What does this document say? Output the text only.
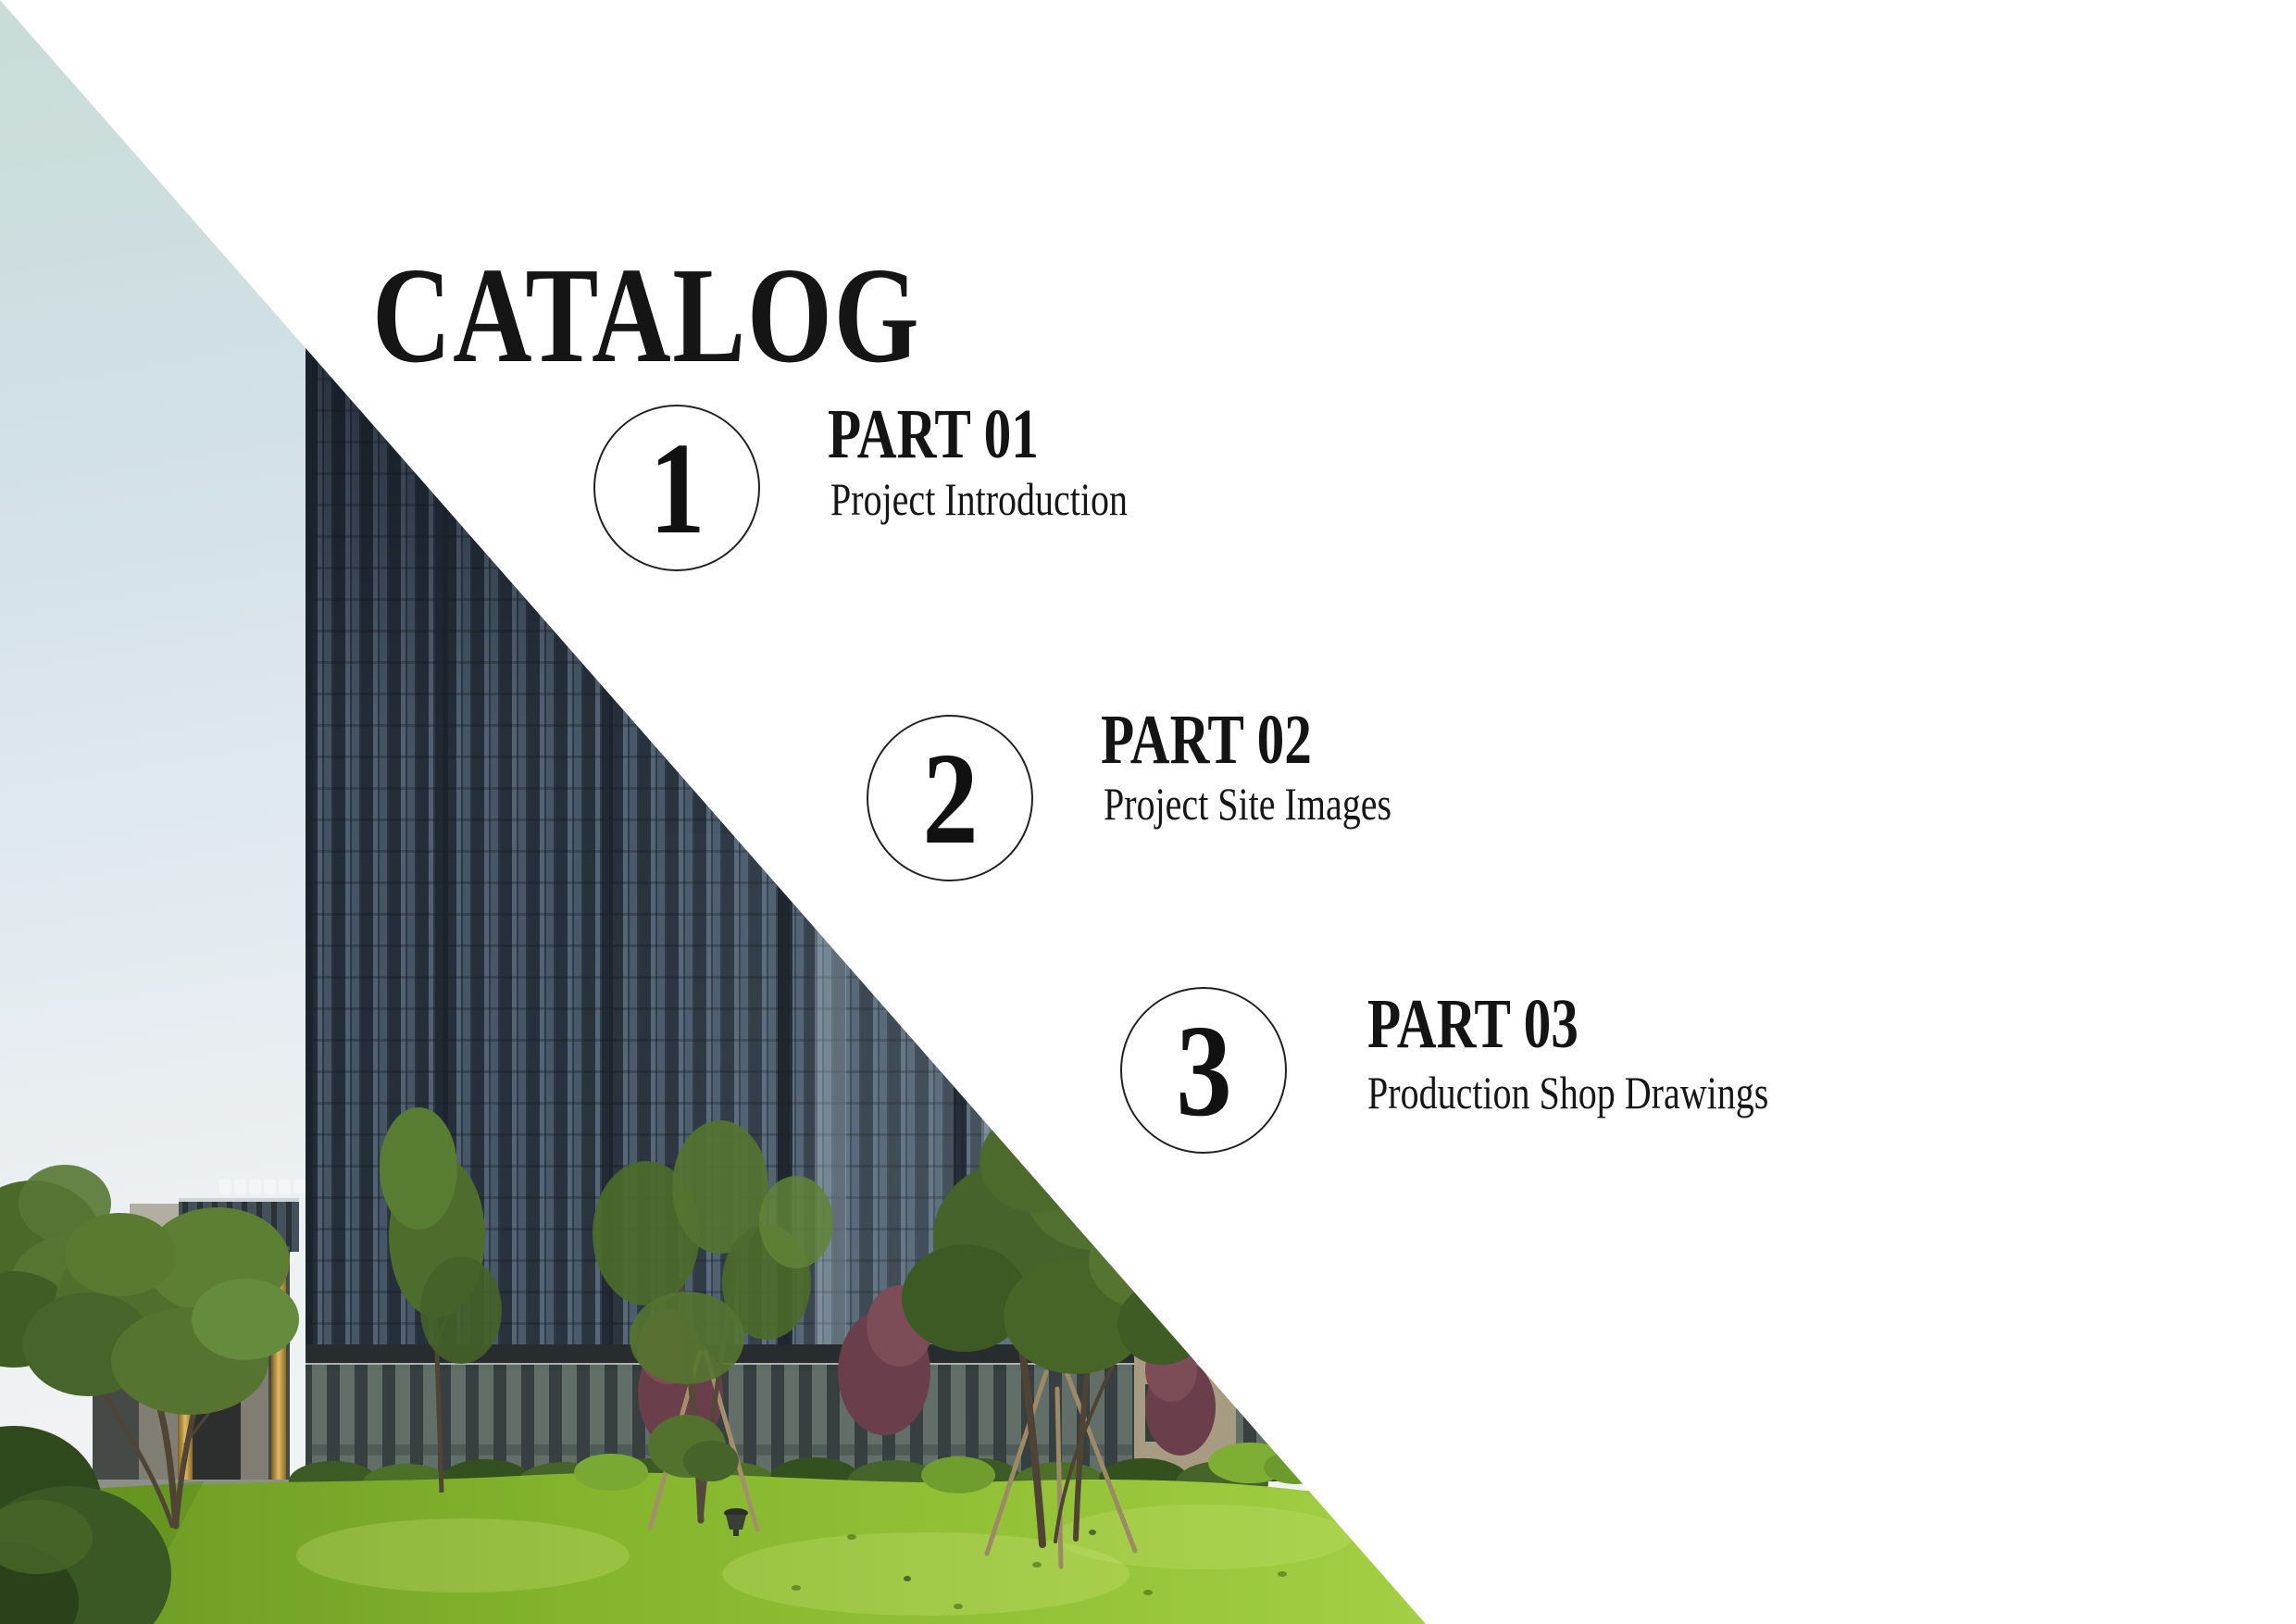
CATALOG
1 PART 01
Project Introduction
2 PART 02
Project Site Images
3 PART 03
Production Shop Drawings
